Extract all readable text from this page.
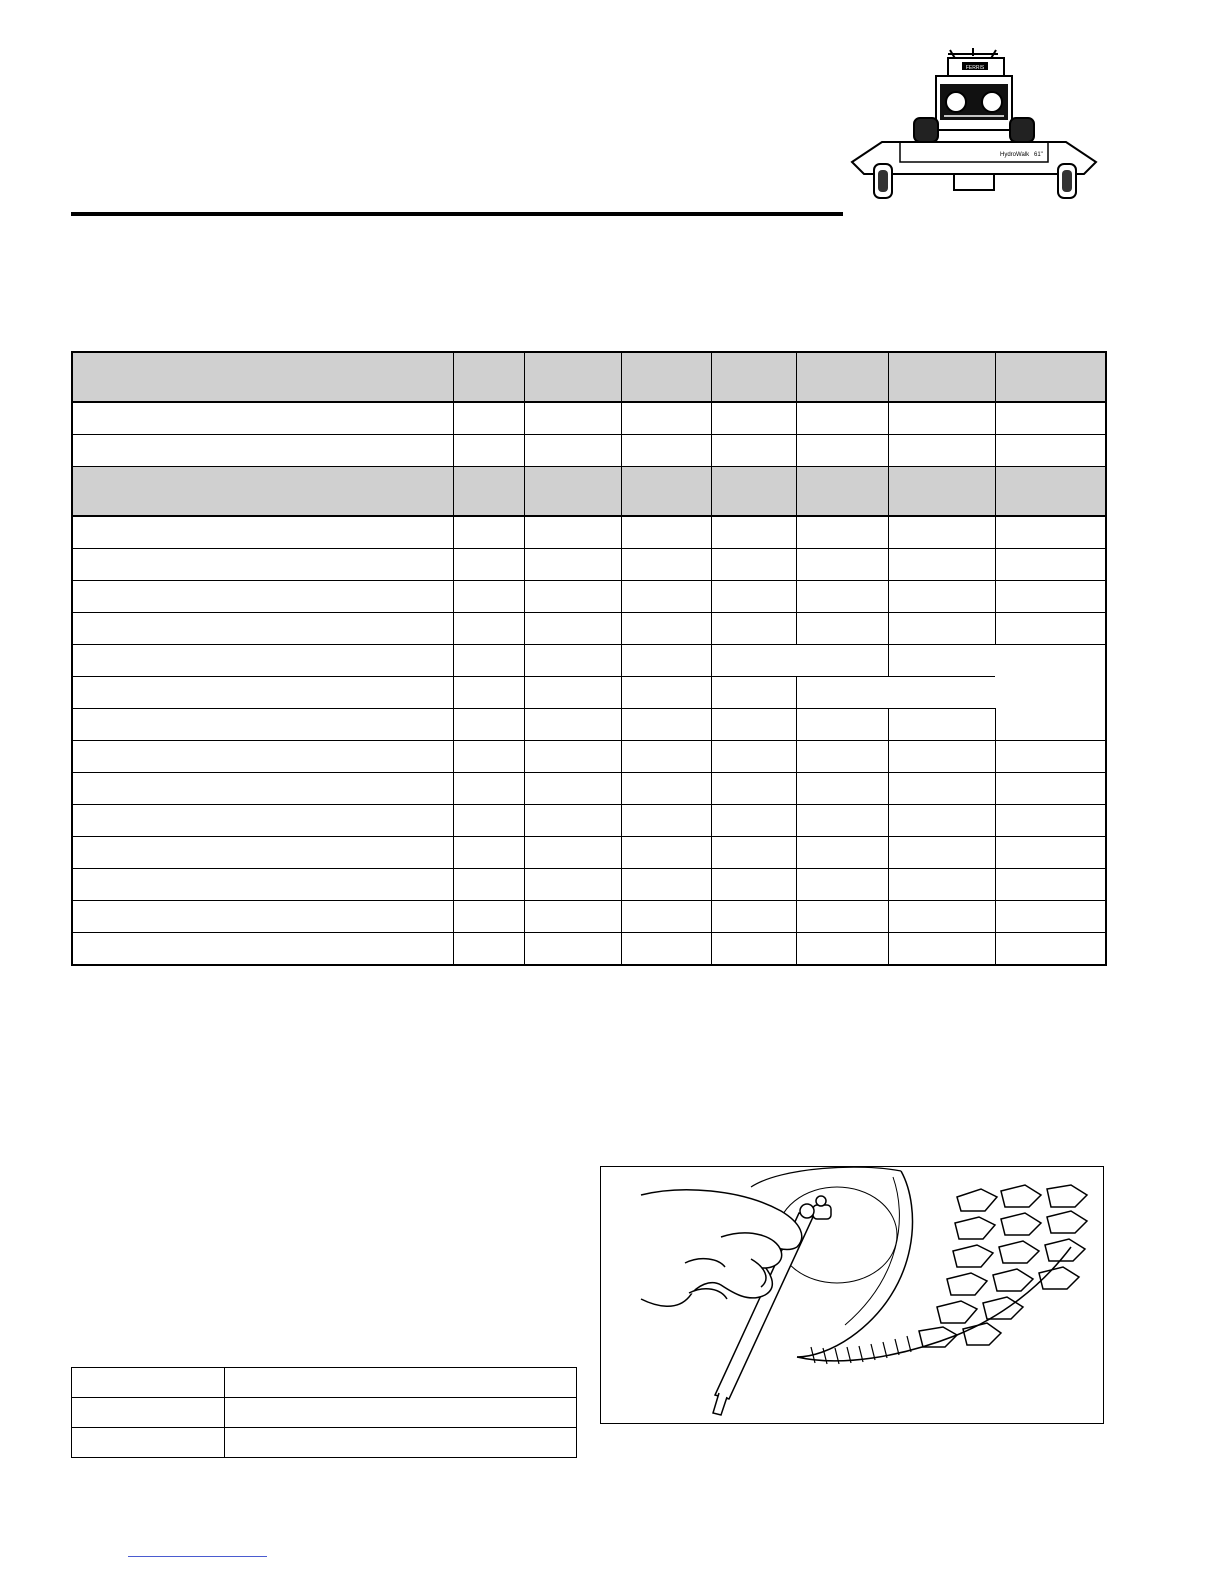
FERRIS
HydroWalk 61"
